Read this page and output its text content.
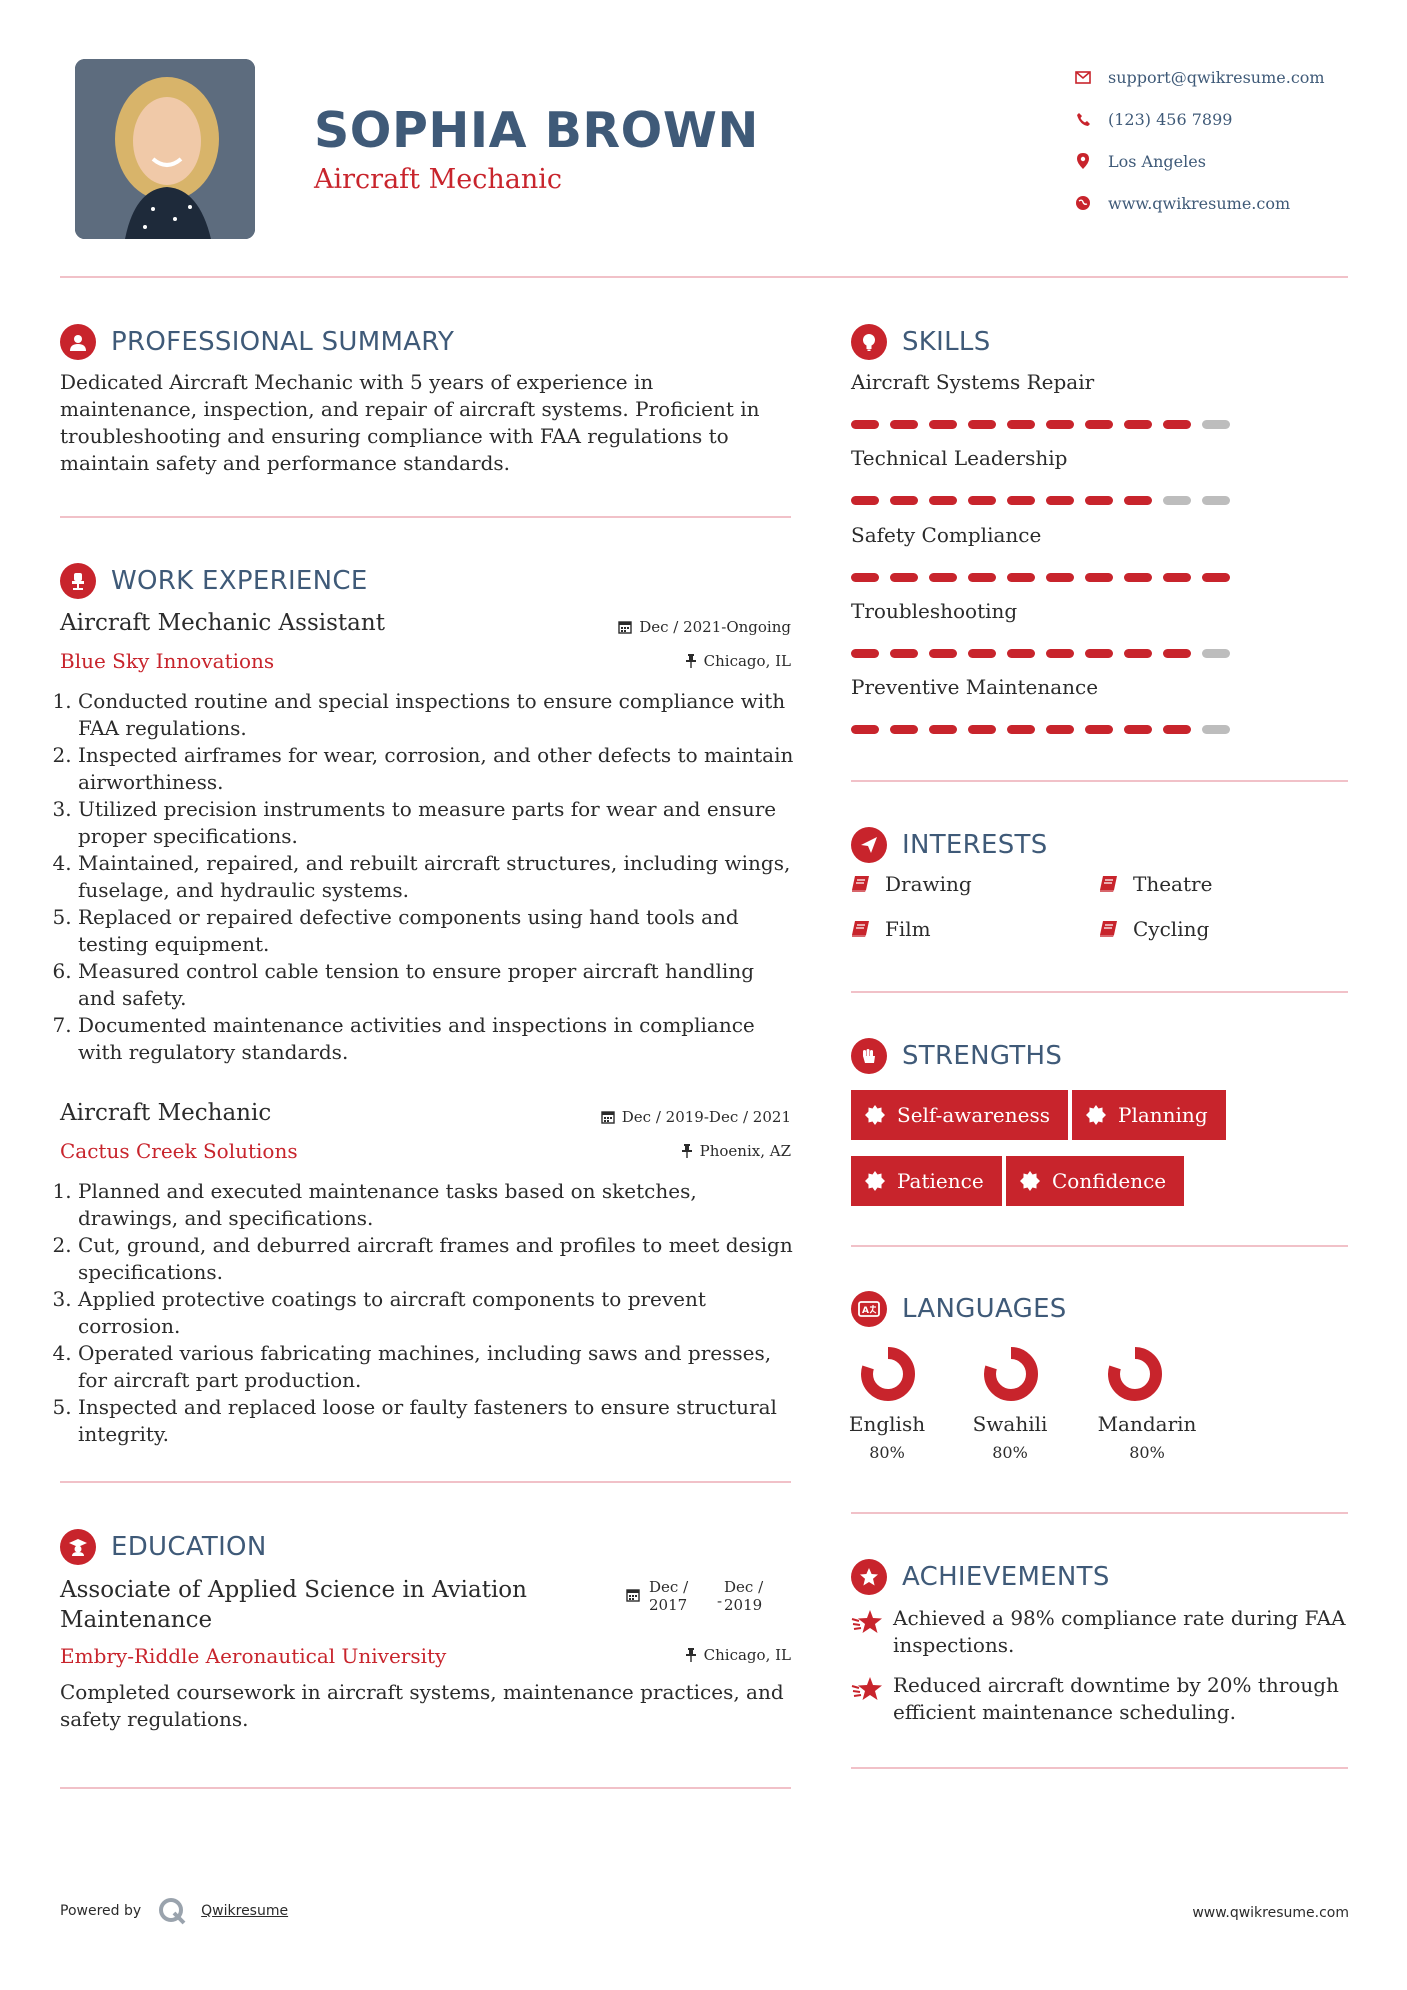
SOPHIA BROWN
Aircraft Mechanic
support@qwikresume.com
(123) 456 7899
Los Angeles
www.qwikresume.com
PROFESSIONAL SUMMARY
Dedicated Aircraft Mechanic with 5 years of experience in maintenance, inspection, and repair of aircraft systems. Proficient in troubleshooting and ensuring compliance with FAA regulations to maintain safety and performance standards.
WORK EXPERIENCE
Aircraft Mechanic Assistant	Dec / 2021-Ongoing
Blue Sky Innovations	Chicago, IL
1. Conducted routine and special inspections to ensure compliance with FAA regulations.
2. Inspected airframes for wear, corrosion, and other defects to maintain airworthiness.
3. Utilized precision instruments to measure parts for wear and ensure proper specifications.
4. Maintained, repaired, and rebuilt aircraft structures, including wings, fuselage, and hydraulic systems.
5. Replaced or repaired defective components using hand tools and testing equipment.
6. Measured control cable tension to ensure proper aircraft handling and safety.
7. Documented maintenance activities and inspections in compliance with regulatory standards.
Aircraft Mechanic	Dec / 2019-Dec / 2021
Cactus Creek Solutions	Phoenix, AZ
1. Planned and executed maintenance tasks based on sketches, drawings, and specifications.
2. Cut, ground, and deburred aircraft frames and profiles to meet design specifications.
3. Applied protective coatings to aircraft components to prevent corrosion.
4. Operated various fabricating machines, including saws and presses, for aircraft part production.
5. Inspected and replaced loose or faulty fasteners to ensure structural integrity.
EDUCATION
Associate of Applied Science in Aviation
Maintenance
Dec /
2017 -
Dec /
2019
Embry-Riddle Aeronautical University	Chicago, IL
Completed coursework in aircraft systems, maintenance practices, and safety regulations.
SKILLS
Aircraft Systems Repair
Technical Leadership
Safety Compliance
Troubleshooting
Preventive Maintenance
INTERESTS
Drawing	Theatre
Film	Cycling
STRENGTHS
Self-awareness	Planning
Patience	Confidence
A LANGUAGES
English
80%
Swahili
80%
Mandarin
80%
ACHIEVEMENTS
Achieved a 98% compliance rate during FAA inspections.
Reduced aircraft downtime by 20% through efficient maintenance scheduling.
Powered by	Qwikresume	www.qwikresume.com
